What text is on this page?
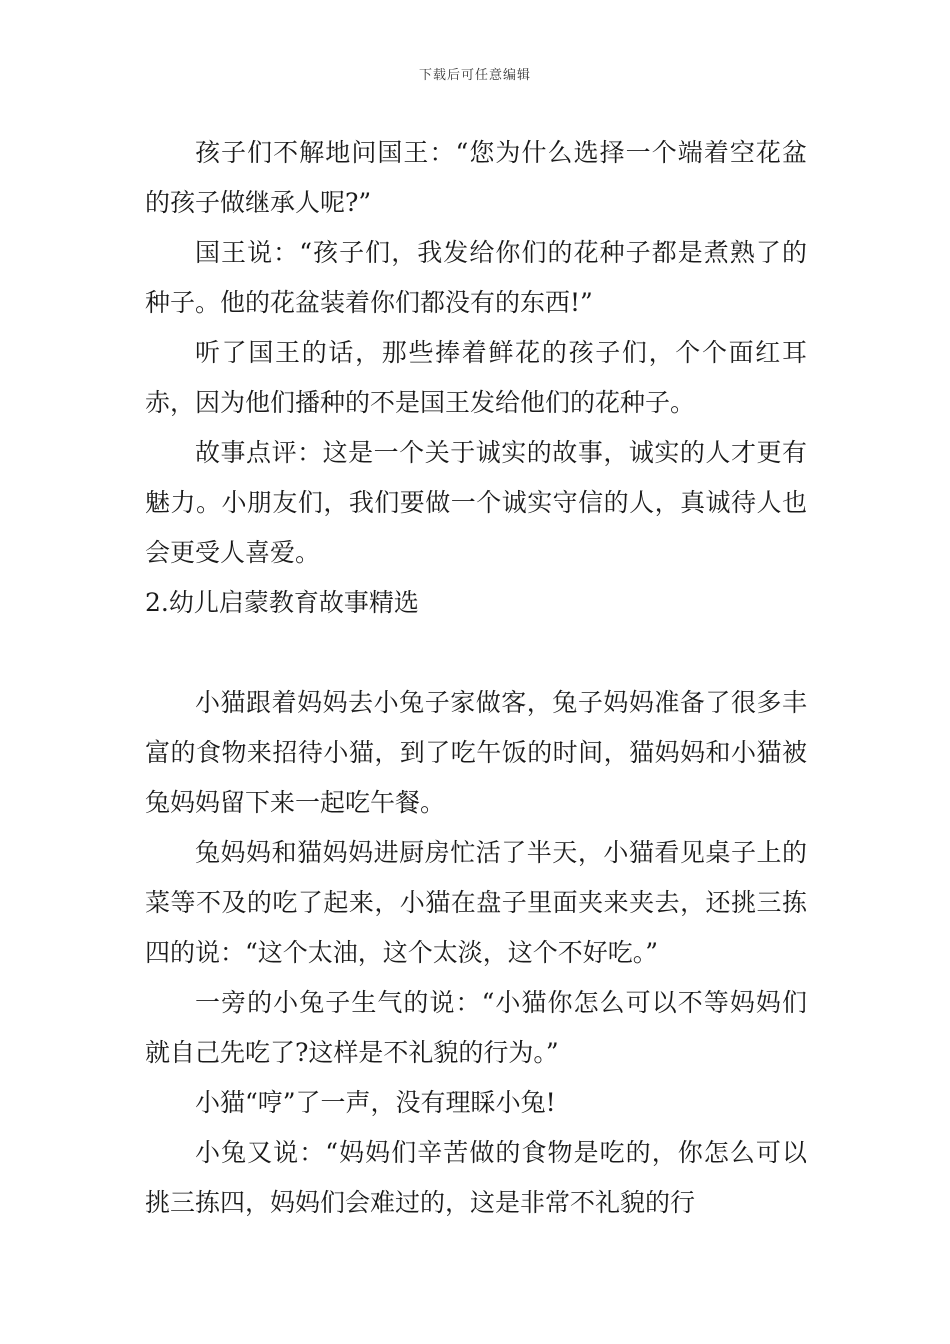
下载后可任意编辑

孩子们不解地问国王：“您为什么选择一个端着空花盆的孩子做继承人呢?”

国王说：“孩子们，我发给你们的花种子都是煮熟了的种子。他的花盆装着你们都没有的东西!”

听了国王的话，那些捧着鲜花的孩子们，个个面红耳赤，因为他们播种的不是国王发给他们的花种子。

故事点评：这是一个关于诚实的故事，诚实的人才更有魅力。小朋友们，我们要做一个诚实守信的人，真诚待人也会更受人喜爱。

2.幼儿启蒙教育故事精选

小猫跟着妈妈去小兔子家做客，兔子妈妈准备了很多丰富的食物来招待小猫，到了吃午饭的时间，猫妈妈和小猫被兔妈妈留下来一起吃午餐。

兔妈妈和猫妈妈进厨房忙活了半天，小猫看见桌子上的菜等不及的吃了起来，小猫在盘子里面夹来夹去，还挑三拣四的说：“这个太油，这个太淡，这个不好吃。”

一旁的小兔子生气的说：“小猫你怎么可以不等妈妈们就自己先吃了?这样是不礼貌的行为。”

小猫“哼”了一声，没有理睬小兔!

小兔又说：“妈妈们辛苦做的食物是吃的，你怎么可以挑三拣四，妈妈们会难过的，这是非常不礼貌的行
